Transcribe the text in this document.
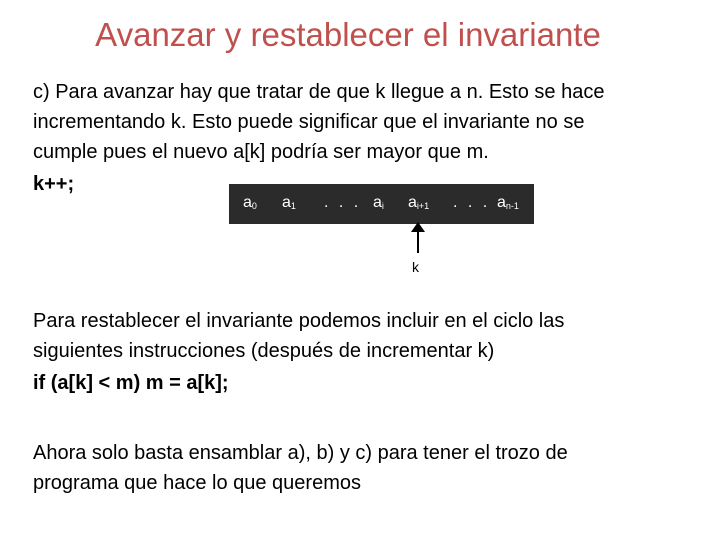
Avanzar y restablecer el invariante
c) Para avanzar hay que tratar de que k llegue a n. Esto se hace
incrementando k. Esto puede significar que el invariante no se
cumple pues el nuevo a[k] podría ser mayor que m.
k++;
$a_0$ $a_1$ . . . $a_i$ $a_{i+1}$ . . . $a_{n-1}$
k
Para restablecer el invariante podemos incluir en el ciclo las
siguientes instrucciones (después de incrementar k)
if (a[k] < m) m = a[k];
Ahora solo basta ensamblar a), b) y c) para tener el trozo de
programa que hace lo que queremos
